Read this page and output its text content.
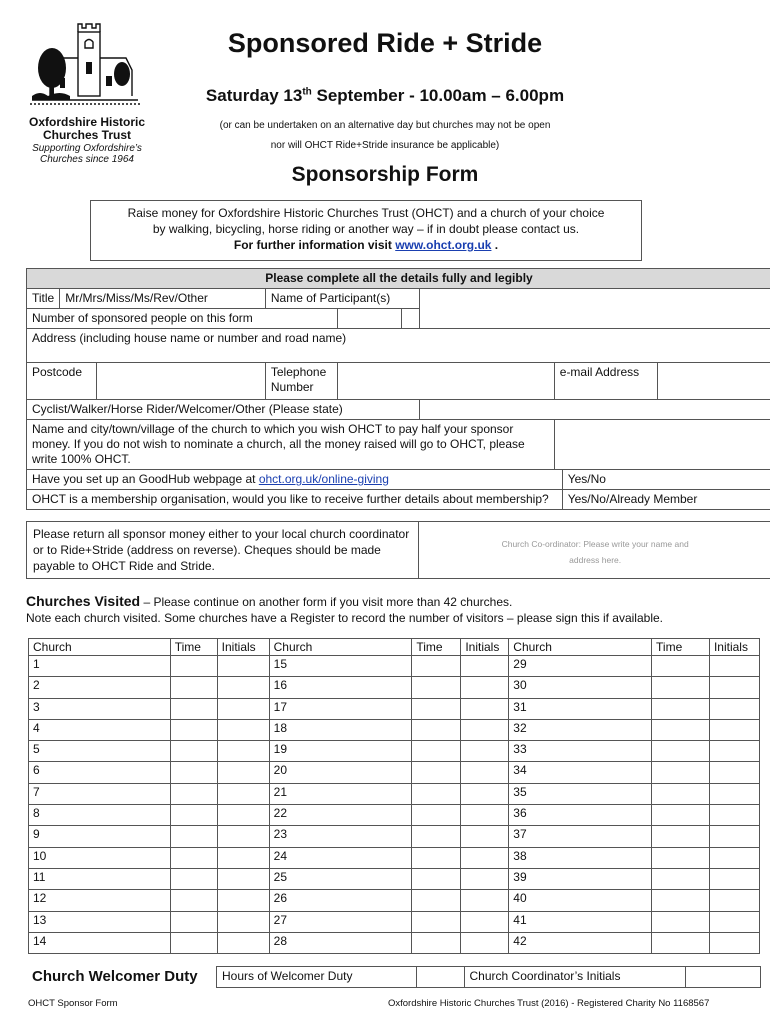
Oxfordshire Historic
Churches Trust
Supporting Oxfordshire’s
Churches since 1964
Sponsored Ride + Stride
Saturday 13th September - 10.00am – 6.00pm
(or can be undertaken on an alternative day but churches may not be open
nor will OHCT Ride+Stride insurance be applicable)
Sponsorship Form
Raise money for Oxfordshire Historic Churches Trust (OHCT) and a church of your choice
by walking, bicycling, horse riding or another way – if in doubt please contact us.
For further information visit www.ohct.org.uk .
Please complete all the details fully and legibly								
Title	Mr/Mrs/Miss/Ms/Rev/Other	Name of Participant(s)						
Number of sponsored people on this form								
Address (including house name or number and road name)								

Postcode		Telephone Number				e-mail Address		
Cyclist/Walker/Horse Rider/Welcomer/Other (Please state)								
Name and city/town/village of the church to which you wish OHCT to pay half your sponsor money. If you do not wish to nominate a church, all the money raised will go to OHCT, please write 100% OHCT.								
Have you set up an GoodHub webpage at ohct.org.uk/online-giving							Yes/No	
OHCT is a membership organisation, would you like to receive further details about membership?							Yes/No/Already Member	
Please return all sponsor money either to your local church coordinator or to Ride+Stride (address on reverse). Cheques should be made payable to OHCT Ride and Stride.	Church Co-ordinator: Please write your name and address here.
Churches Visited – Please continue on another form if you visit more than 42 churches.
Note each church visited. Some churches have a Register to record the number of visitors – please sign this if available.
Church	Time	Initials	Church	Time	Initials	Church	Time	Initials
1			15			29		
2			16			30		
3			17			31		
4			18			32		
5			19			33		
6			20			34		
7			21			35		
8			22			36		
9			23			37		
10			24			38		
11			25			39		
12			26			40		
13			27			41		
14			28			42		
Church Welcomer Duty Hours of Welcomer Duty		Church Coordinator’s Initials	
OHCT Sponsor Form	Oxfordshire Historic Churches Trust (2016) - Registered Charity No 1168567
